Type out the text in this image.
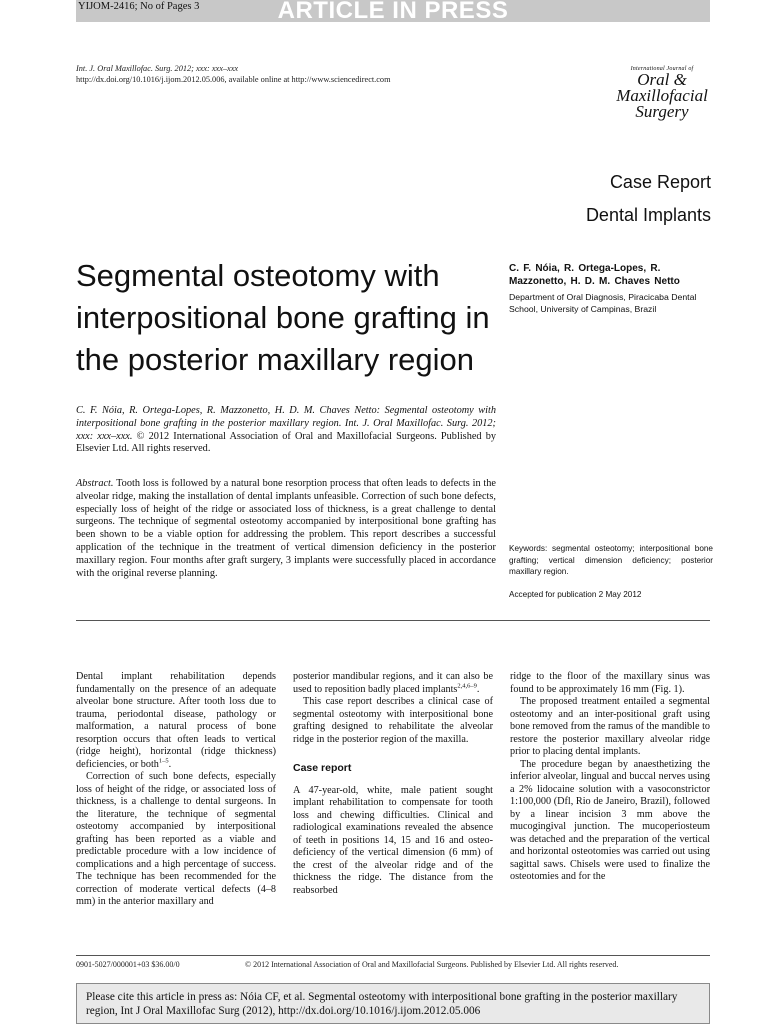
YIJOM-2416; No of Pages 3	ARTICLE IN PRESS
Int. J. Oral Maxillofac. Surg. 2012; xxx: xxx–xxx
http://dx.doi.org/10.1016/j.ijom.2012.05.006, available online at http://www.sciencedirect.com
International Journal of
Oral &
Maxillofacial
Surgery
Case Report
Dental Implants
Segmental osteotomy with interpositional bone grafting in the posterior maxillary region
C. F. Nóia, R. Ortega-Lopes, R. Mazzonetto, H. D. M. Chaves Netto
Department of Oral Diagnosis, Piracicaba Dental School, University of Campinas, Brazil
C. F. Nóia, R. Ortega-Lopes, R. Mazzonetto, H. D. M. Chaves Netto: Segmental osteotomy with interpositional bone grafting in the posterior maxillary region. Int. J. Oral Maxillofac. Surg. 2012; xxx: xxx–xxx. © 2012 International Association of Oral and Maxillofacial Surgeons. Published by Elsevier Ltd. All rights reserved.
Abstract. Tooth loss is followed by a natural bone resorption process that often leads to defects in the alveolar ridge, making the installation of dental implants unfeasible. Correction of such bone defects, especially loss of height of the ridge or associated loss of thickness, is a great challenge to dental surgeons. The technique of segmental osteotomy accompanied by interpositional bone grafting has been shown to be a viable option for addressing the problem. This report describes a successful application of the technique in the treatment of vertical dimension deficiency in the posterior maxillary region. Four months after graft surgery, 3 implants were successfully placed in accordance with the original reverse planning.
Keywords: segmental osteotomy; interpositional bone grafting; vertical dimension deficiency; posterior maxillary region.
Accepted for publication 2 May 2012

Dental implant rehabilitation depends fundamentally on the presence of an adequate alveolar bone structure. After tooth loss due to trauma, periodontal disease, pathology or malformation, a natural process of bone resorption occurs that often leads to vertical (ridge height), horizontal (ridge thickness) deficiencies, or both$^{1-5}$.

Correction of such bone defects, especially loss of height of the ridge, or associated loss of thickness, is a challenge to dental surgeons. In the literature, the technique of segmental osteotomy accompanied by interpositional grafting has been reported as a viable and predictable procedure with a low incidence of complications and a high percentage of success. The technique has been recommended for the correction of moderate vertical defects (4–8 mm) in the anterior maxillary and

posterior mandibular regions, and it can also be used to reposition badly placed implants$^{2,4,6-9}$.

This case report describes a clinical case of segmental osteotomy with interpositional bone grafting designed to rehabilitate the alveolar ridge in the posterior region of the maxilla.

Case report

A 47-year-old, white, male patient sought implant rehabilitation to compensate for tooth loss and chewing difficulties. Clinical and radiological examinations revealed the absence of teeth in positions 14, 15 and 16 and osteo-deficiency of the vertical dimension (6 mm) of the crest of the alveolar ridge and of the thickness the ridge. The distance from the reabsorbed

ridge to the floor of the maxillary sinus was found to be approximately 16 mm (Fig. 1).

The proposed treatment entailed a segmental osteotomy and an inter-positional graft using bone removed from the ramus of the mandible to restore the posterior maxillary alveolar ridge prior to placing dental implants.

The procedure began by anaesthetizing the inferior alveolar, lingual and buccal nerves using a 2% lidocaine solution with a vasoconstrictor 1:100,000 (Dfl, Rio de Janeiro, Brazil), followed by a linear incision 3 mm above the mucogingival junction. The mucoperiosteum was detached and the preparation of the vertical and horizontal osteotomies was carried out using sagittal saws. Chisels were used to finalize the osteotomies and for the

0901-5027/000001+03 $36.00/0	© 2012 International Association of Oral and Maxillofacial Surgeons. Published by Elsevier Ltd. All rights reserved.
Please cite this article in press as: Nóia CF, et al. Segmental osteotomy with interpositional bone grafting in the posterior maxillary region, Int J Oral Maxillofac Surg (2012), http://dx.doi.org/10.1016/j.ijom.2012.05.006
